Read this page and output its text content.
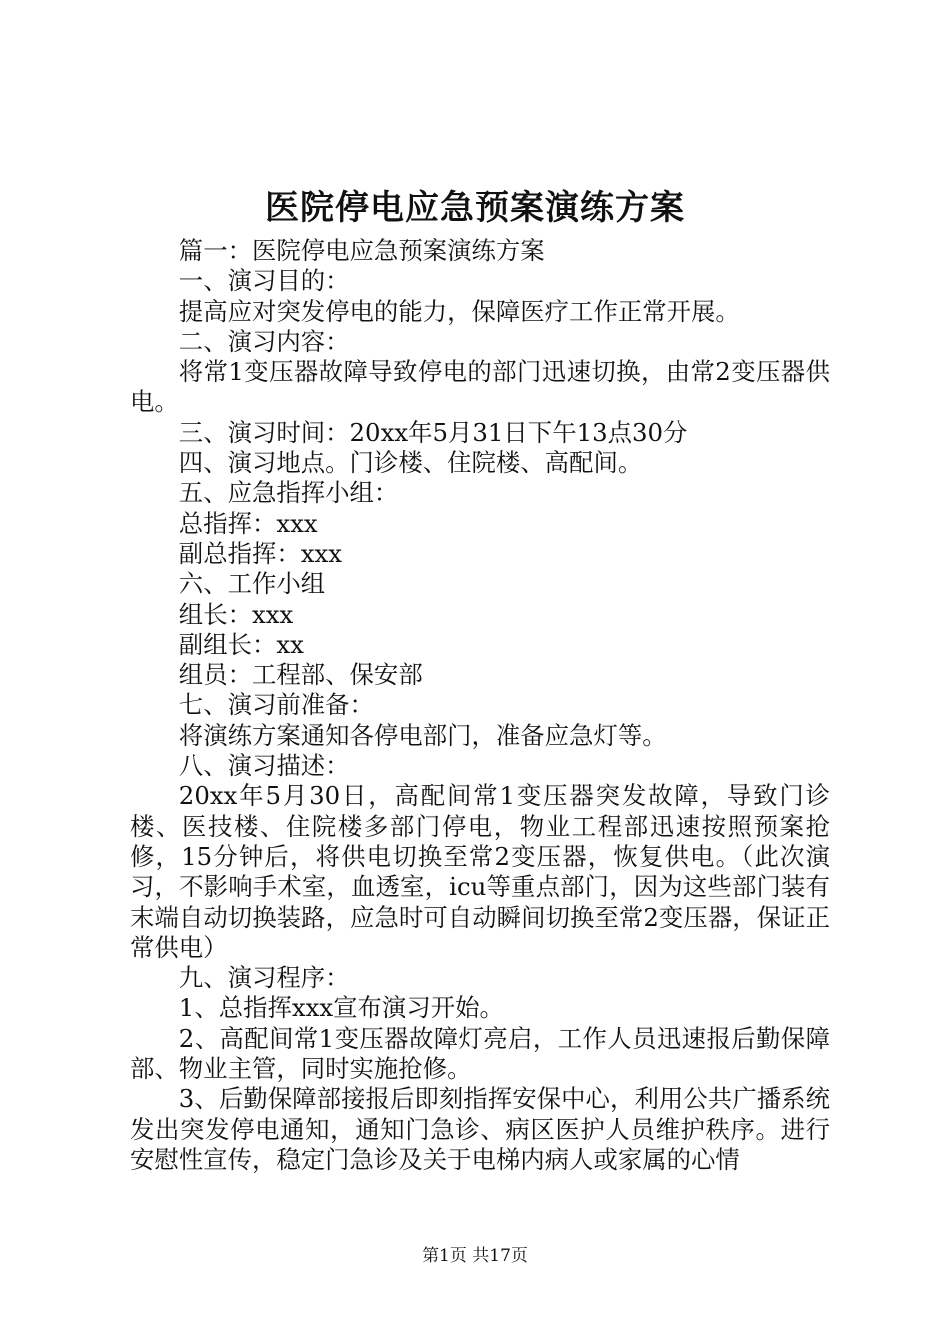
医院停电应急预案演练方案

篇一：医院停电应急预案演练方案

一、演习目的：

提高应对突发停电的能力，保障医疗工作正常开展。

二、演习内容：

将常1变压器故障导致停电的部门迅速切换，由常2变压器供电。

三、演习时间：20xx年5月31日下午13点30分

四、演习地点。门诊楼、住院楼、高配间。

五、应急指挥小组：

总指挥：xxx

副总指挥：xxx

六、工作小组

组长：xxx

副组长：xx

组员：工程部、保安部

七、演习前准备：

将演练方案通知各停电部门，准备应急灯等。

八、演习描述：

20xx年5月30日，高配间常1变压器突发故障，导致门诊楼、医技楼、住院楼多部门停电，物业工程部迅速按照预案抢修，15分钟后，将供电切换至常2变压器，恢复供电。（此次演习，不影响手术室，血透室，icu等重点部门，因为这些部门装有末端自动切换装路，应急时可自动瞬间切换至常2变压器，保证正常供电）

九、演习程序：

1、总指挥xxx宣布演习开始。

2、高配间常1变压器故障灯亮启，工作人员迅速报后勤保障部、物业主管，同时实施抢修。

3、后勤保障部接报后即刻指挥安保中心，利用公共广播系统发出突发停电通知，通知门急诊、病区医护人员维护秩序。进行安慰性宣传，稳定门急诊及关于电梯内病人或家属的心情

第1页 共17页
